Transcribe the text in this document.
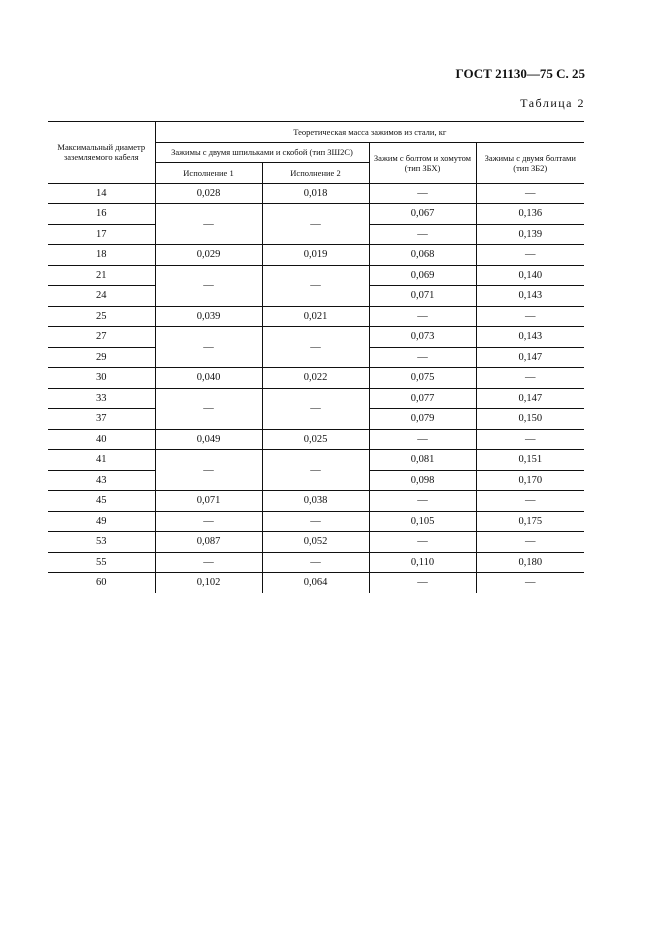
ГОСТ 21130—75 С. 25
Таблица 2
Максимальный диаметр заземляемого кабеля	Теоретическая масса зажимов из стали, кг			
	Зажимы с двумя шпильками и скобой (тип ЗШ2С)		Зажим с болтом и хомутом (тип ЗБХ)	Зажимы с двумя болтами (тип ЗБ2)
	Исполнение 1	Исполнение 2		
14	0,028	0,018	—	—
16	—	—	0,067	0,136
17			—	0,139
18	0,029	0,019	0,068	—
21	—	—	0,069	0,140
24			0,071	0,143
25	0,039	0,021	—	—
27	—	—	0,073	0,143
29			—	0,147
30	0,040	0,022	0,075	—
33	—	—	0,077	0,147
37			0,079	0,150
40	0,049	0,025	—	—
41	—	—	0,081	0,151
43			0,098	0,170
45	0,071	0,038	—	—
49	—	—	0,105	0,175
53	0,087	0,052	—	—
55	—	—	0,110	0,180
60	0,102	0,064	—	—
